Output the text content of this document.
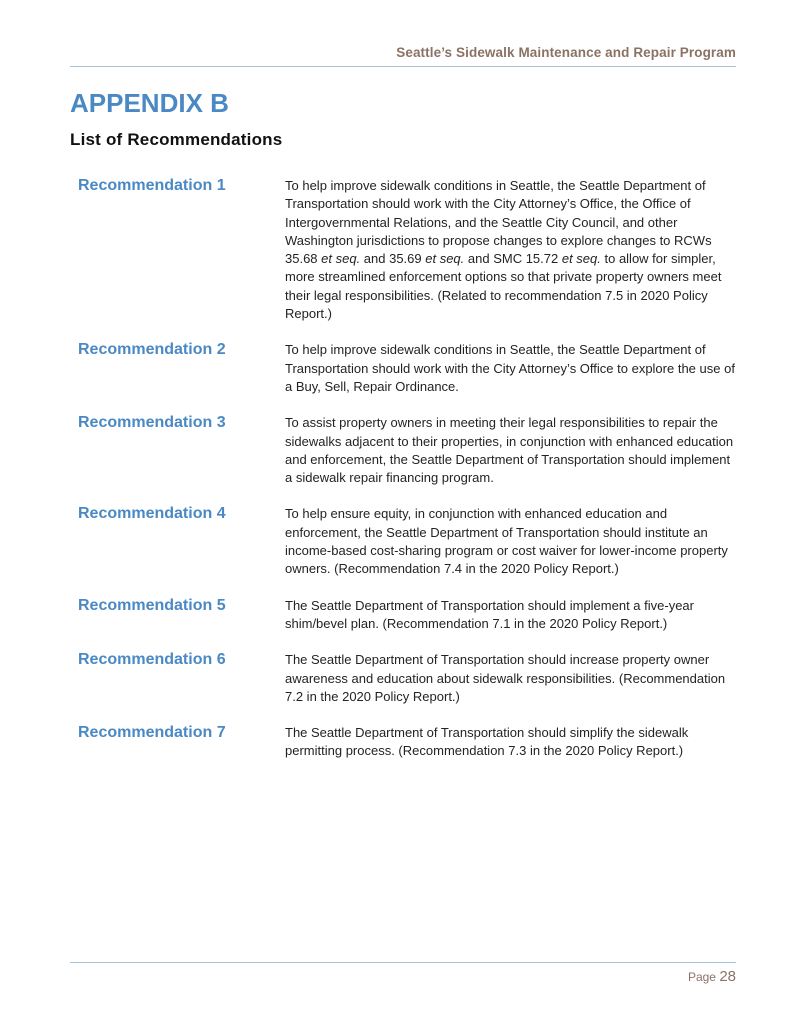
Seattle’s Sidewalk Maintenance and Repair Program
APPENDIX B
List of Recommendations
Recommendation 1	To help improve sidewalk conditions in Seattle, the Seattle Department of Transportation should work with the City Attorney’s Office, the Office of Intergovernmental Relations, and the Seattle City Council, and other Washington jurisdictions to propose changes to explore changes to RCWs 35.68 et seq. and 35.69 et seq. and SMC 15.72 et seq. to allow for simpler, more streamlined enforcement options so that private property owners meet their legal responsibilities. (Related to recommendation 7.5 in 2020 Policy Report.)
Recommendation 2	To help improve sidewalk conditions in Seattle, the Seattle Department of Transportation should work with the City Attorney’s Office to explore the use of a Buy, Sell, Repair Ordinance.
Recommendation 3	To assist property owners in meeting their legal responsibilities to repair the sidewalks adjacent to their properties, in conjunction with enhanced education and enforcement, the Seattle Department of Transportation should implement a sidewalk repair financing program.
Recommendation 4	To help ensure equity, in conjunction with enhanced education and enforcement, the Seattle Department of Transportation should institute an income-based cost-sharing program or cost waiver for lower-income property owners. (Recommendation 7.4 in the 2020 Policy Report.)
Recommendation 5	The Seattle Department of Transportation should implement a five-year shim/bevel plan. (Recommendation 7.1 in the 2020 Policy Report.)
Recommendation 6	The Seattle Department of Transportation should increase property owner awareness and education about sidewalk responsibilities. (Recommendation 7.2 in the 2020 Policy Report.)
Recommendation 7	The Seattle Department of Transportation should simplify the sidewalk permitting process. (Recommendation 7.3 in the 2020 Policy Report.)
Page 28
